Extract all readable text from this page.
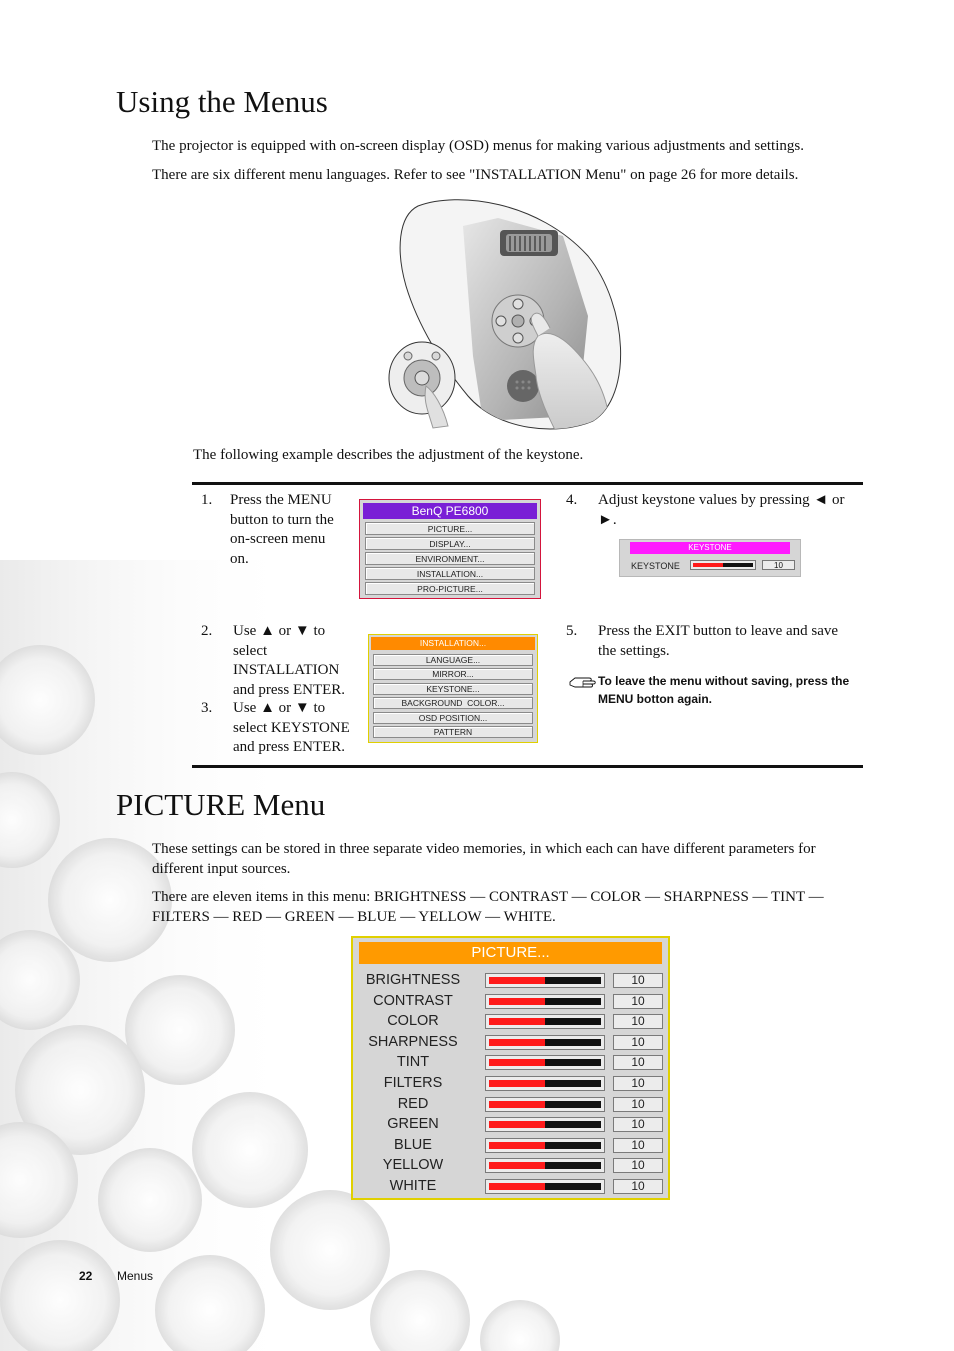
Using the Menus

The projector is equipped with on-screen display (OSD) menus for making various adjustments and settings.

There are six different menu languages. Refer to see "INSTALLATION Menu" on page 26 for more details.

The following example describes the adjustment of the keystone.

1. Press the MENU button to turn the on-screen menu on.
BenQ PE6800
PICTURE...
DISPLAY...
ENVIRONMENT...
INSTALLATION...
PRO-PICTURE...
4. Adjust keystone values by pressing ◄ or ►.
KEYSTONE
KEYSTONE	10
2. Use ▲ or ▼ to select INSTALLATION and press ENTER.
3. Use ▲ or ▼ to select KEYSTONE and press ENTER.
INSTALLATION...
LANGUAGE...
MIRROR...
KEYSTONE...
BACKGROUND  COLOR...
OSD POSITION...
PATTERN
5. Press the EXIT button to leave and save the settings.
To leave the menu without saving, press the MENU botton again.
PICTURE Menu

These settings can be stored in three separate video memories, in which each can have different parameters for different input sources.

There are eleven items in this menu: BRIGHTNESS — CONTRAST — COLOR — SHARPNESS — TINT — FILTERS — RED — GREEN — BLUE — YELLOW — WHITE.

PICTURE...
BRIGHTNESS	10
CONTRAST	10
COLOR	10
SHARPNESS	10
TINT	10
FILTERS	10
RED	10
GREEN	10
BLUE	10
YELLOW	10
WHITE	10
22 Menus
